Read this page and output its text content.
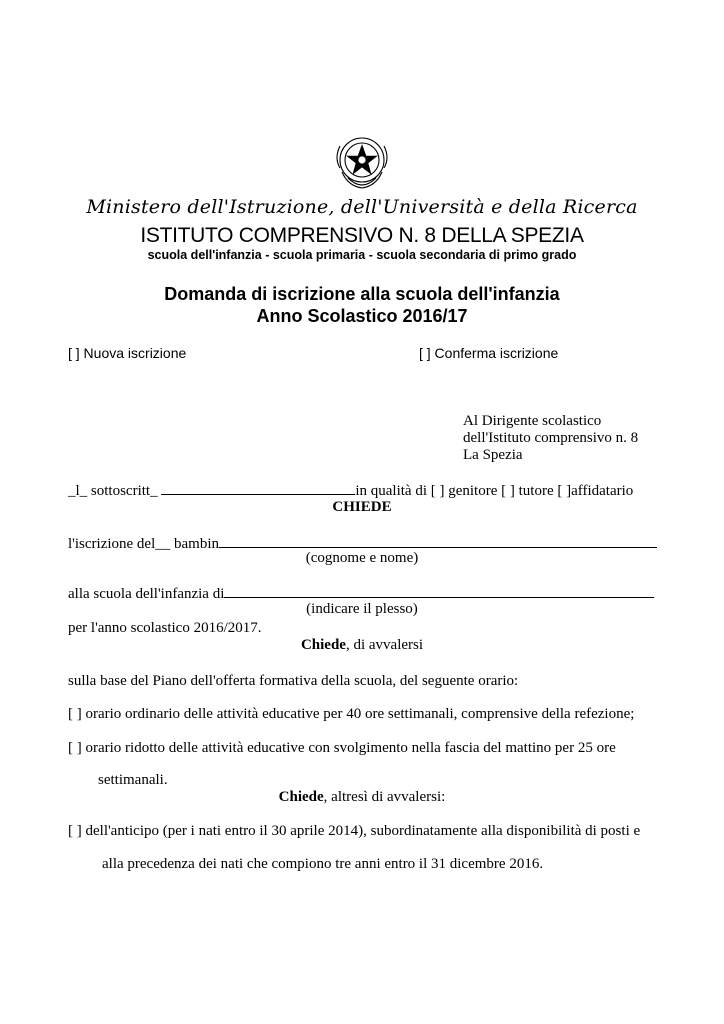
Ministero dell'Istruzione, dell'Università e della Ricerca
ISTITUTO COMPRENSIVO N. 8 DELLA SPEZIA
scuola dell'infanzia - scuola primaria - scuola secondaria di primo grado
Domanda di iscrizione alla scuola dell'infanzia
Anno Scolastico 2016/17
[ ] Nuova iscrizione	[ ] Conferma iscrizione
Al Dirigente scolastico
dell'Istituto comprensivo n. 8
La Spezia
_l_ sottoscritt_	in qualità di [ ] genitore [ ] tutore [ ]affidatario
CHIEDE
l'iscrizione del__ bambin
(cognome e nome)
alla scuola dell'infanzia di
(indicare il plesso)
per l'anno scolastico 2016/2017.
Chiede, di avvalersi
sulla base del Piano dell'offerta formativa della scuola, del seguente orario:
[ ] orario ordinario delle attività educative per 40 ore settimanali, comprensive della refezione;
[ ] orario ridotto delle attività educative con svolgimento nella fascia del mattino per 25 ore
settimanali.
Chiede, altresì di avvalersi:
[ ] dell'anticipo (per i nati entro il 30 aprile 2014), subordinatamente alla disponibilità di posti e
alla precedenza dei nati che compiono tre anni entro il 31 dicembre 2016.
